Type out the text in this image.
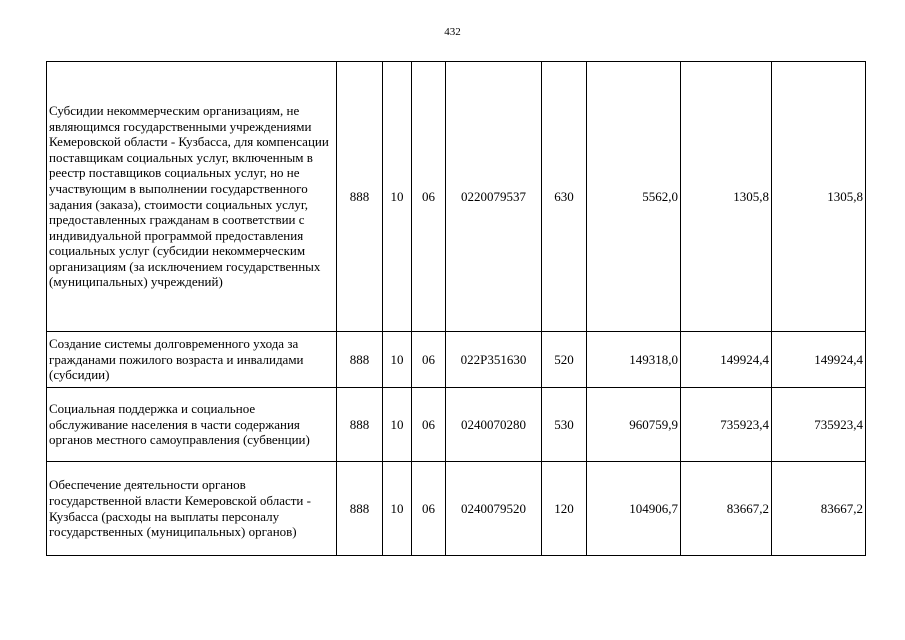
432
Субсидии некоммерческим организациям, не являющимся государственными учреждениями Кемеровской области - Кузбасса, для компенсации поставщикам социальных услуг, включенным в реестр поставщиков социальных услуг, но не участвующим в выполнении государственного задания (заказа), стоимости социальных услуг, предоставленных гражданам в соответствии с индивидуальной программой предоставления социальных услуг (субсидии некоммерческим организациям (за исключением государственных (муниципальных) учреждений)	888	10	06	0220079537	630	5562,0	1305,8	1305,8
Создание системы долговременного ухода за гражданами пожилого возраста и инвалидами (субсидии)	888	10	06	022Р351630	520	149318,0	149924,4	149924,4
Социальная поддержка и социальное обслуживание населения в части содержания органов местного самоуправления (субвенции)	888	10	06	0240070280	530	960759,9	735923,4	735923,4
Обеспечение деятельности органов государственной власти Кемеровской области - Кузбасса (расходы на выплаты персоналу государственных (муниципальных) органов)	888	10	06	0240079520	120	104906,7	83667,2	83667,2
